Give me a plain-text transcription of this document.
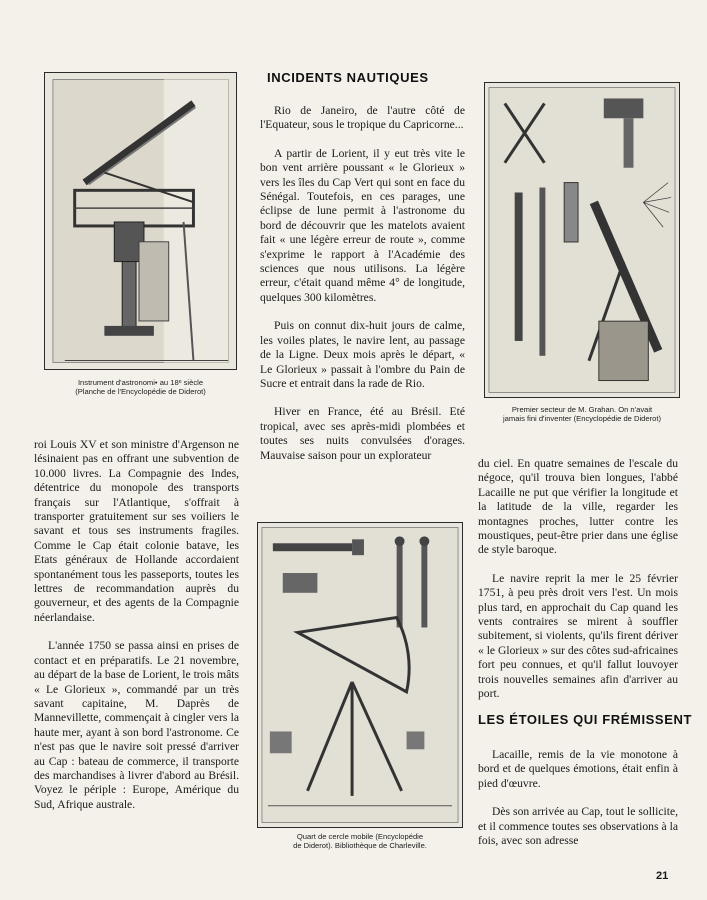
Instrument d'astronomi• au 18ᵉ siècle
(Planche de l'Encyclopédie de Diderot)
INCIDENTS NAUTIQUES

Rio de Janeiro, de l'autre côté de l'Equateur, sous le tropique du Capricorne...

A partir de Lorient, il y eut très vite le bon vent arrière poussant « le Glorieux » vers les îles du Cap Vert qui sont en face du Sénégal. Toutefois, en ces parages, une éclipse de lune permit à l'astronome du bord de découvrir que les matelots avaient fait « une légère erreur de route », comme s'exprime le rapport à l'Académie des sciences que nous utilisons. La légère erreur, c'était quand même 4° de longitude, quelques 300 kilomètres.

Puis on connut dix-huit jours de calme, les voiles plates, le navire lent, au passage de la Ligne. Deux mois après le départ, « Le Glorieux » passait à l'ombre du Pain de Sucre et entrait dans la rade de Rio.

Hiver en France, été au Brésil. Eté tropical, avec ses après-midi plombées et toutes ses nuits convulsées d'orages. Mauvaise saison pour un explorateur

Premier secteur de M. Grahan. On n'avait
jamais fini d'inventer (Encyclopédie de Diderot)

roi Louis XV et son ministre d'Argenson ne lésinaient pas en offrant une subvention de 10.000 livres. La Compagnie des Indes, détentrice du monopole des transports français sur l'Atlantique, s'offrait à transporter gratuitement sur ses voiliers le savant et tous ses instruments fragiles. Comme le Cap était colonie batave, les Etats généraux de Hollande accordaient spontanément tous les passeports, toutes les lettres de recommandation auprès du gouverneur, et des agents de la Compagnie néerlandaise.

L'année 1750 se passa ainsi en prises de contact et en préparatifs. Le 21 novembre, au départ de la base de Lorient, le trois mâts « Le Glorieux », commandé par un très savant capitaine, M. Daprès de Mannevillette, commençait à cingler vers la haute mer, ayant à son bord l'astronome. Ce n'est pas que le navire soit pressé d'arriver au Cap : bateau de commerce, il transporte des marchandises à livrer d'abord au Brésil. Voyez le périple : Europe, Amérique du Sud, Afrique australe.

Quart de cercle mobile (Encyclopédie
de Diderot). Bibliothèque de Charleville.

du ciel. En quatre semaines de l'escale du négoce, qu'il trouva bien longues, l'abbé Lacaille ne put que vérifier la longitude et la latitude de la ville, regarder les montagnes proches, lutter contre les moustiques, peut-être prier dans une église de style baroque.

Le navire reprit la mer le 25 février 1751, à peu près droit vers l'est. Un mois plus tard, en approchait du Cap quand les vents contraires se mirent à souffler subitement, si violents, qu'ils firent dériver « le Glorieux » sur des côtes sud-africaines fort peu connues, et qu'il fallut louvoyer trois nouvelles semaines afin d'arriver au port.

LES ÉTOILES QUI FRÉMISSENT

Lacaille, remis de la vie monotone à bord et de quelques émotions, était enfin à pied d'œuvre.

Dès son arrivée au Cap, tout le sollicite, et il commence toutes ses observations à la fois, avec son adresse

21
